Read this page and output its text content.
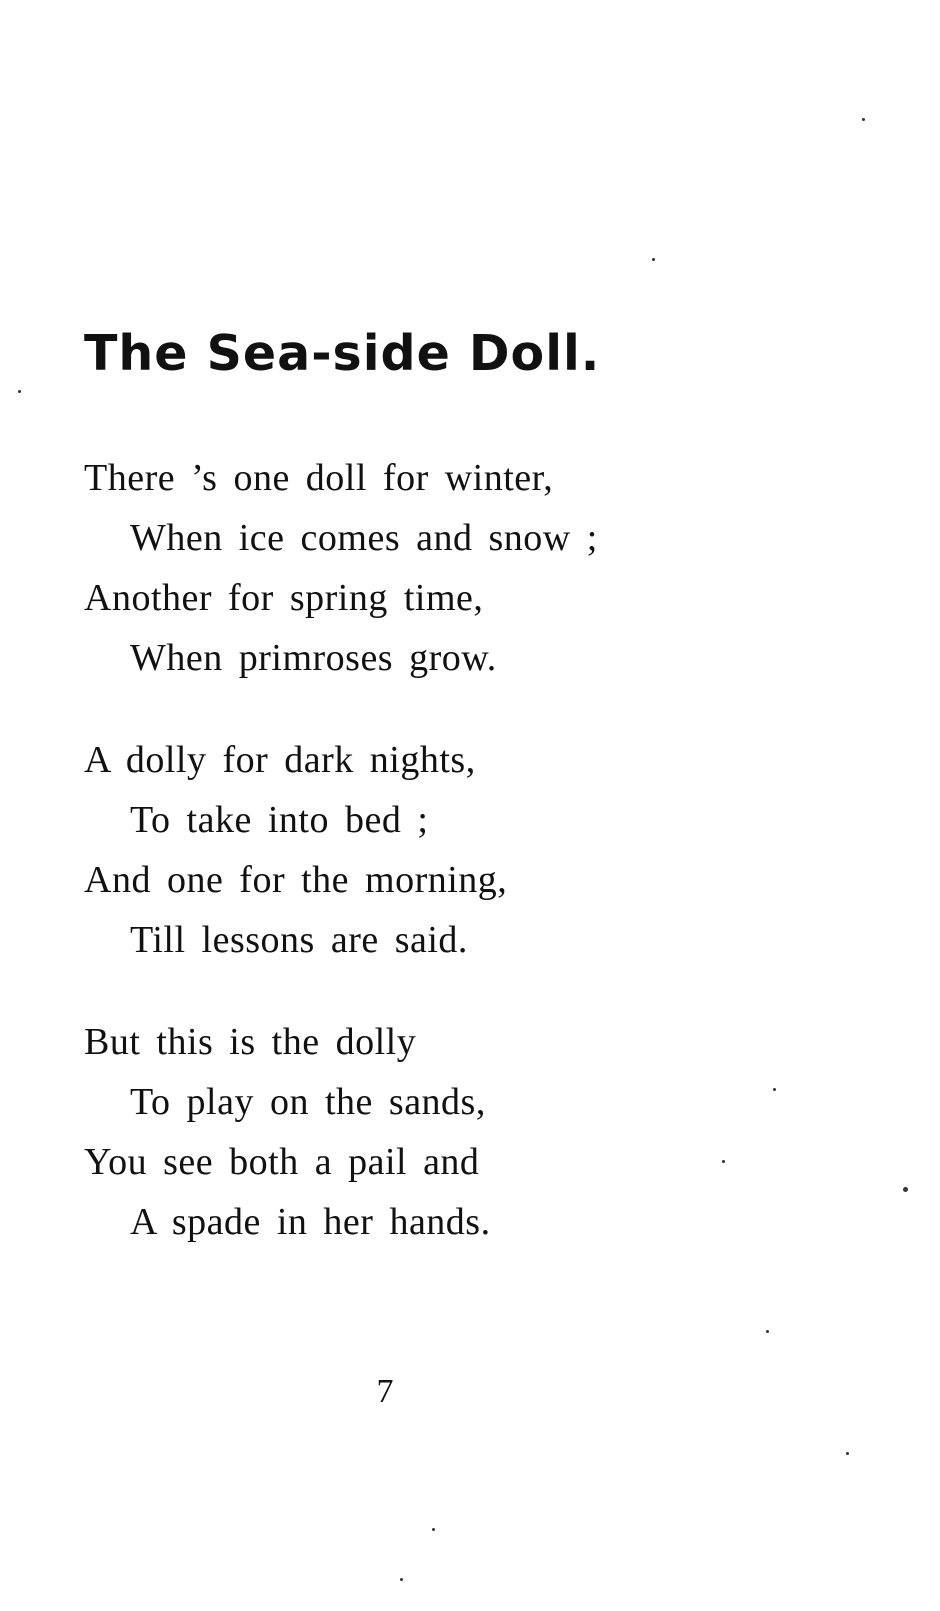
The Sea-side Doll.
There ’s one doll for winter,
When ice comes and snow ;
Another for spring time,
When primroses grow.
A dolly for dark nights,
To take into bed ;
And one for the morning,
Till lessons are said.
But this is the dolly
To play on the sands,
You see both a pail and
A spade in her hands.
7
